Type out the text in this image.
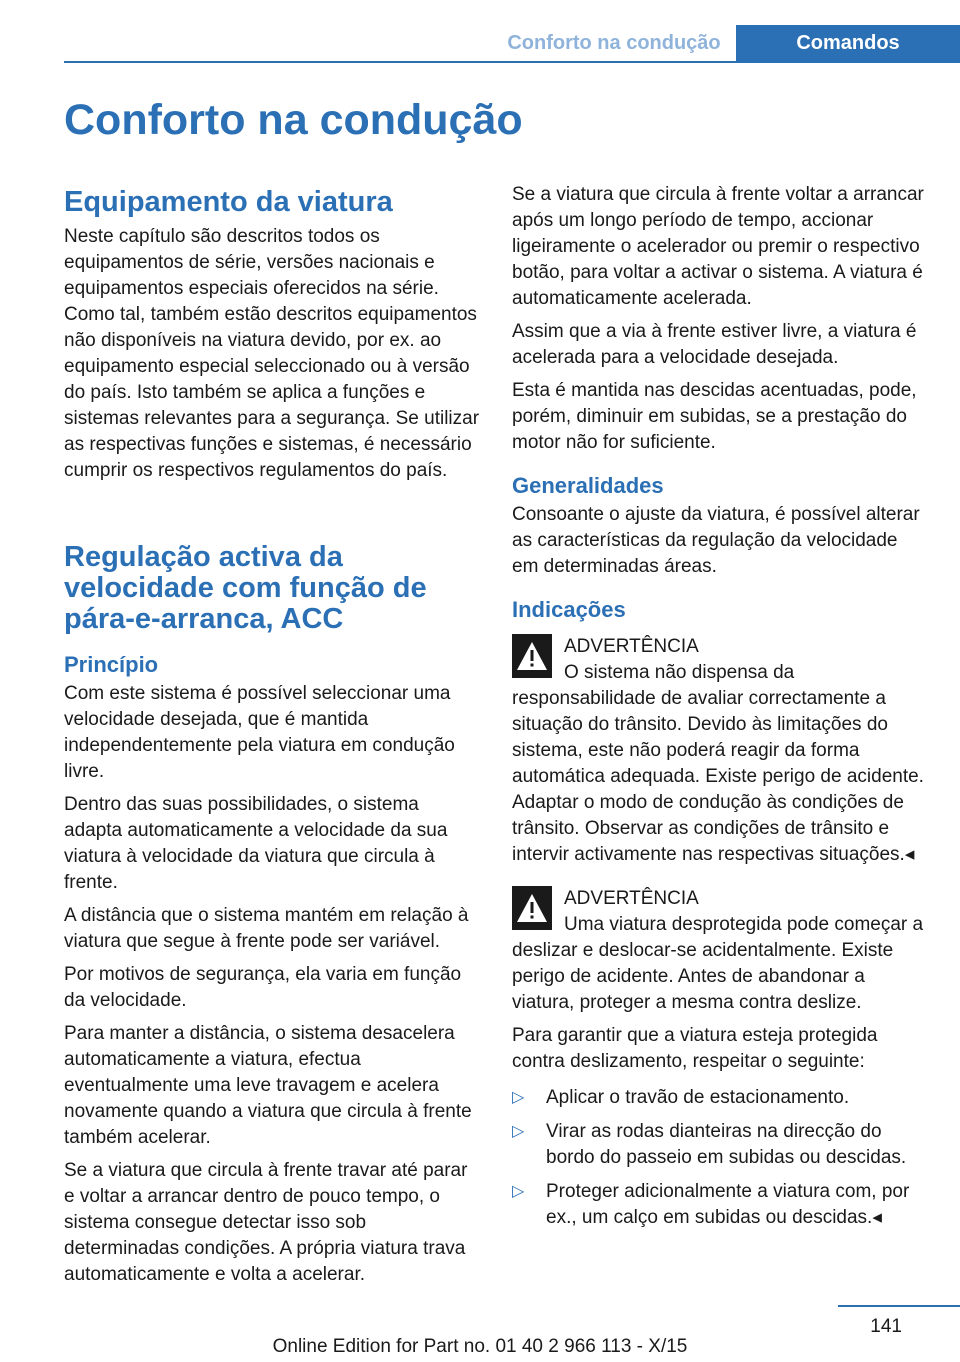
Conforto na condução	Comandos
Conforto na condução
Equipamento da viatura

Neste capítulo são descritos todos os equipamentos de série, versões nacionais e equipamentos especiais oferecidos na série. Como tal, também estão descritos equipamentos não disponíveis na viatura devido, por ex. ao equipamento especial seleccionado ou à versão do país. Isto também se aplica a funções e sistemas relevantes para a segurança. Se utilizar as respectivas funções e sistemas, é necessário cumprir os respectivos regulamentos do país.

Regulação activa da velocidade com função de pára-e-arranca, ACC
Princípio

Com este sistema é possível seleccionar uma velocidade desejada, que é mantida independentemente pela viatura em condução livre.

Dentro das suas possibilidades, o sistema adapta automaticamente a velocidade da sua viatura à velocidade da viatura que circula à frente.

A distância que o sistema mantém em relação à viatura que segue à frente pode ser variável.

Por motivos de segurança, ela varia em função da velocidade.

Para manter a distância, o sistema desacelera automaticamente a viatura, efectua eventualmente uma leve travagem e acelera novamente quando a viatura que circula à frente também acelerar.

Se a viatura que circula à frente travar até parar e voltar a arrancar dentro de pouco tempo, o sistema consegue detectar isso sob determinadas condições. A própria viatura trava automaticamente e volta a acelerar.

Se a viatura que circula à frente voltar a arrancar após um longo período de tempo, accionar ligeiramente o acelerador ou premir o respectivo botão, para voltar a activar o sistema. A viatura é automaticamente acelerada.

Assim que a via à frente estiver livre, a viatura é acelerada para a velocidade desejada.

Esta é mantida nas descidas acentuadas, pode, porém, diminuir em subidas, se a prestação do motor não for suficiente.

Generalidades

Consoante o ajuste da viatura, é possível alterar as características da regulação da velocidade em determinadas áreas.

Indicações

ADVERTÊNCIA

O sistema não dispensa da responsabilidade de avaliar correctamente a situação do trânsito. Devido às limitações do sistema, este não poderá reagir da forma automática adequada. Existe perigo de acidente. Adaptar o modo de condução às condições de trânsito. Observar as condições de trânsito e intervir activamente nas respectivas situações.◂

ADVERTÊNCIA

Uma viatura desprotegida pode começar a deslizar e deslocar-se acidentalmente. Existe perigo de acidente. Antes de abandonar a viatura, proteger a mesma contra deslize.

Para garantir que a viatura esteja protegida contra deslizamento, respeitar o seguinte:

▷ Aplicar o travão de estacionamento.
▷ Virar as rodas dianteiras na direcção do bordo do passeio em subidas ou descidas.
▷ Proteger adicionalmente a viatura com, por ex., um calço em subidas ou descidas.◂
141
Online Edition for Part no. 01 40 2 966 113 - X/15
